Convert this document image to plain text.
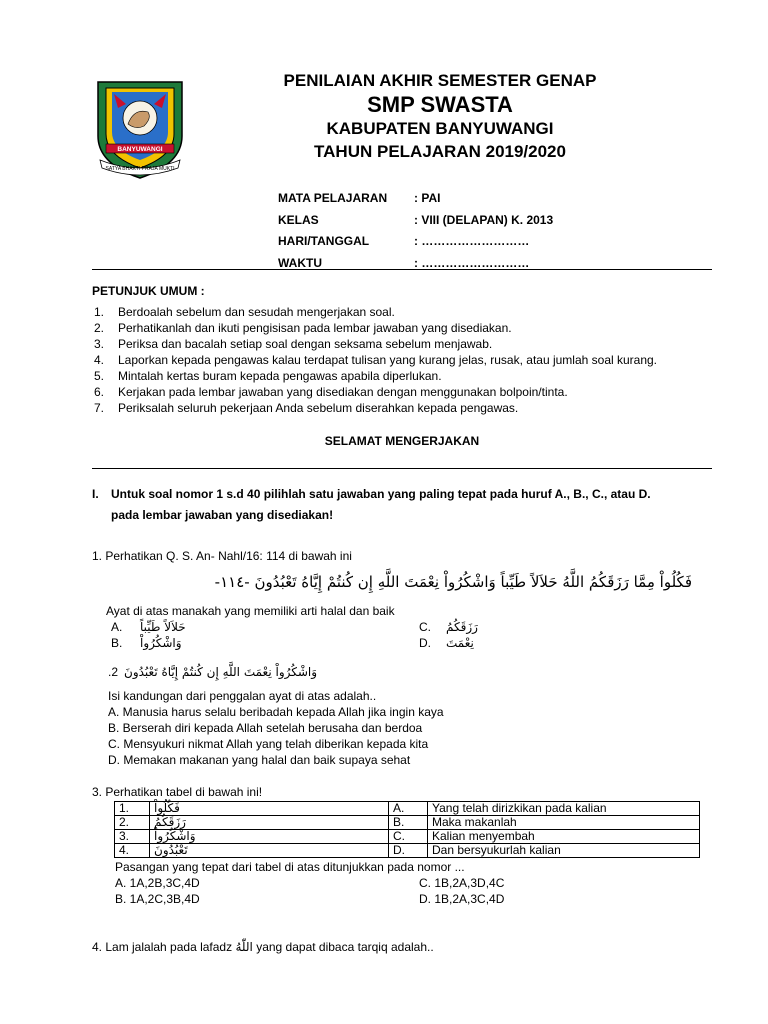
BANYUWANGI
SATYA BHAKTI PRAJA MUKTI
PENILAIAN AKHIR SEMESTER GENAP
SMP SWASTA
KABUPATEN BANYUWANGI
TAHUN PELAJARAN 2019/2020
MATA PELAJARAN : PAI
KELAS	: VIII (DELAPAN) K. 2013
HARI/TANGGAL	: ………………………
WAKTU	: ………………………
PETUNJUK UMUM :
1. Berdoalah sebelum dan sesudah mengerjakan soal.
2. Perhatikanlah dan ikuti pengisisan pada lembar jawaban yang disediakan.
3. Periksa dan bacalah setiap soal dengan seksama sebelum menjawab.
4. Laporkan kepada pengawas kalau terdapat tulisan yang kurang jelas, rusak, atau jumlah soal kurang.
5. Mintalah kertas buram kepada pengawas apabila diperlukan.
6. Kerjakan pada lembar jawaban yang disediakan dengan menggunakan bolpoin/tinta.
7. Periksalah seluruh pekerjaan Anda sebelum diserahkan kepada pengawas.
SELAMAT MENGERJAKAN
I. Untuk soal nomor 1 s.d 40 pilihlah satu jawaban yang paling tepat pada huruf A., B., C., atau D.
pada lembar jawaban yang disediakan!
1. Perhatikan Q. S. An- Nahl/16: 114 di bawah ini
فَكُلُواْ مِمَّا رَزَقَكُمُ اللَّهُ حَلاَلاً طَيِّباً وَاشْكُرُواْ نِعْمَتَ اللَّهِ إِن كُنتُمْ إِيَّاهُ تَعْبُدُونَ -١١٤-
Ayat di atas manakah yang memiliki arti halal dan baik
A. حَلاَلاً طَيِّباً
B. وَاشْكُرُواْ
C. رَزَقَكُمُ
D. نِعْمَتَ
.2 وَاشْكُرُواْ نِعْمَتَ اللَّهِ إِن كُنتُمْ إِيَّاهُ تَعْبُدُونَ
Isi kandungan dari penggalan ayat di atas adalah..
A. Manusia harus selalu beribadah kepada Allah jika ingin kaya
B. Berserah diri kepada Allah setelah berusaha dan berdoa
C. Mensyukuri nikmat Allah yang telah diberikan kepada kita
D. Memakan makanan yang halal dan baik supaya sehat
3. Perhatikan tabel di bawah ini!
1.	فَكُلُواْ	A.	Yang telah dirizkikan pada kalian
2.	رَزَقَكُمُ	B.	Maka makanlah
3.	وَاشْكُرُواْ	C.	Kalian menyembah
4.	تَعْبُدُونَ	D.	Dan bersyukurlah kalian
Pasangan yang tepat dari tabel di atas ditunjukkan pada nomor ...
A. 1A,2B,3C,4D	C. 1B,2A,3D,4C
B. 1A,2C,3B,4D	D. 1B,2A,3C,4D
4. Lam jalalah pada lafadz اللّٰهُ yang dapat dibaca tarqiq adalah..
